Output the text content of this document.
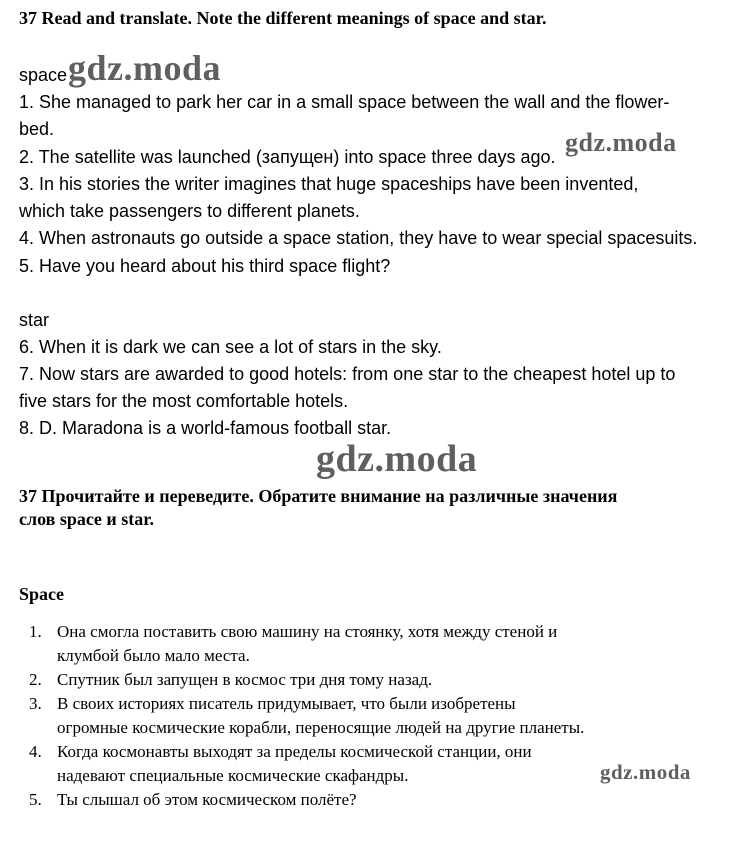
37 Read and translate. Note the different meanings of space and star.
space
1. She managed to park her car in a small space between the wall and the flower-
bed.
2. The satellite was launched (запущен) into space three days ago.
3. In his stories the writer imagines that huge spaceships have been invented,
which take passengers to different planets.
4. When astronauts go outside a space station, they have to wear special spacesuits.
5. Have you heard about his third space flight?
star
6. When it is dark we can see a lot of stars in the sky.
7. Now stars are awarded to good hotels: from one star to the cheapest hotel up to
five stars for the most comfortable hotels.
8. D. Maradona is a world-famous football star.
37 Прочитайте и переведите. Обратите внимание на различные значения
слов space и star.
Space
1. Она смогла поставить свою машину на стоянку, хотя между стеной и
клумбой было мало места.
2. Спутник был запущен в космос три дня тому назад.
3. В своих историях писатель придумывает, что были изобретены
огромные космические корабли, переносящие людей на другие планеты.
4. Когда космонавты выходят за пределы космической станции, они
надевают специальные космические скафандры.
5. Ты слышал об этом космическом полёте?
gdz.moda
gdz.moda
gdz.moda
gdz.moda
